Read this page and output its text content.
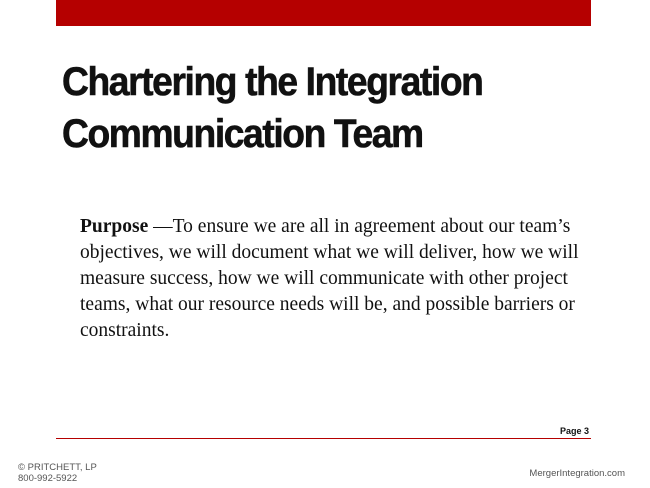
Chartering the Integration
Communication Team

Purpose —To ensure we are all in agreement about our team’s objectives, we will document what we will deliver, how we will measure success, how we will communicate with other project teams, what our resource needs will be, and possible barriers or constraints.

Page 3
© PRITCHETT, LP
800-992-5922	MergerIntegration.com
